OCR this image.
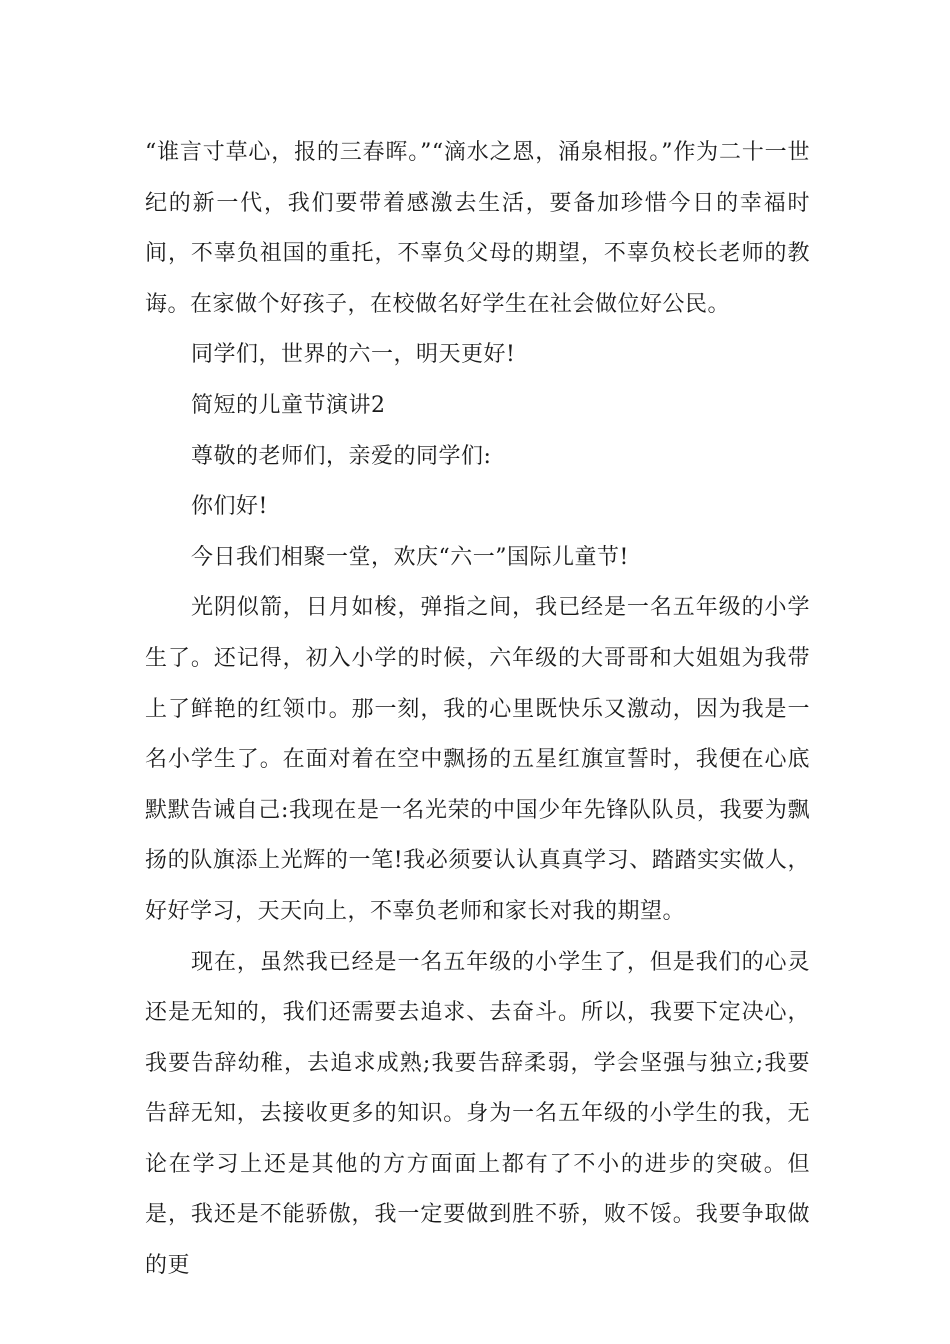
“谁言寸草心，报的三春晖。”“滴水之恩，涌泉相报。”作为二十一世纪的新一代，我们要带着感激去生活，要备加珍惜今日的幸福时间，不辜负祖国的重托，不辜负父母的期望，不辜负校长老师的教诲。在家做个好孩子，在校做名好学生在社会做位好公民。

同学们，世界的六一，明天更好!

简短的儿童节演讲2

尊敬的老师们，亲爱的同学们:

你们好!

今日我们相聚一堂，欢庆“六一”国际儿童节!

光阴似箭，日月如梭，弹指之间，我已经是一名五年级的小学生了。还记得，初入小学的时候，六年级的大哥哥和大姐姐为我带上了鲜艳的红领巾。那一刻，我的心里既快乐又激动，因为我是一名小学生了。在面对着在空中飘扬的五星红旗宣誓时，我便在心底默默告诫自己:我现在是一名光荣的中国少年先锋队队员，我要为飘扬的队旗添上光辉的一笔!我必须要认认真真学习、踏踏实实做人，好好学习，天天向上，不辜负老师和家长对我的期望。

现在，虽然我已经是一名五年级的小学生了，但是我们的心灵还是无知的，我们还需要去追求、去奋斗。所以，我要下定决心，我要告辞幼稚，去追求成熟;我要告辞柔弱，学会坚强与独立;我要告辞无知，去接收更多的知识。身为一名五年级的小学生的我，无论在学习上还是其他的方方面面上都有了不小的进步的突破。但是，我还是不能骄傲，我一定要做到胜不骄，败不馁。我要争取做的更
